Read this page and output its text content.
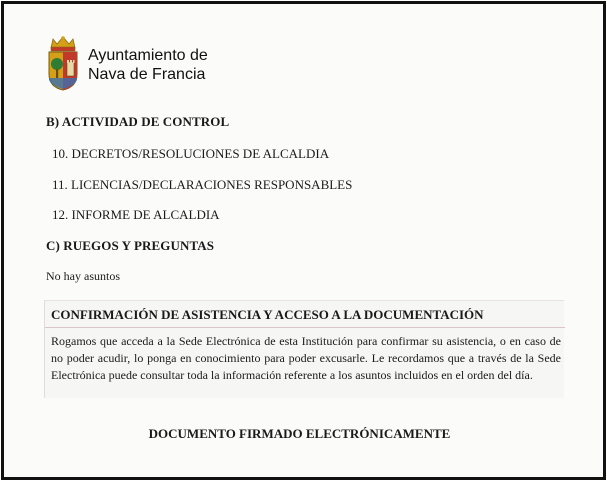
Ayuntamiento de
Nava de Francia
B) ACTIVIDAD DE CONTROL
10. DECRETOS/RESOLUCIONES DE ALCALDIA
11. LICENCIAS/DECLARACIONES RESPONSABLES
12. INFORME DE ALCALDIA
C) RUEGOS Y PREGUNTAS
No hay asuntos
CONFIRMACIÓN DE ASISTENCIA Y ACCESO A LA DOCUMENTACIÓN
Rogamos que acceda a la Sede Electrónica de esta Institución para confirmar su asistencia, o en caso de no poder acudir, lo ponga en conocimiento para poder excusarle. Le recordamos que a través de la Sede Electrónica puede consultar toda la información referente a los asuntos incluidos en el orden del día.
DOCUMENTO FIRMADO ELECTRÓNICAMENTE
